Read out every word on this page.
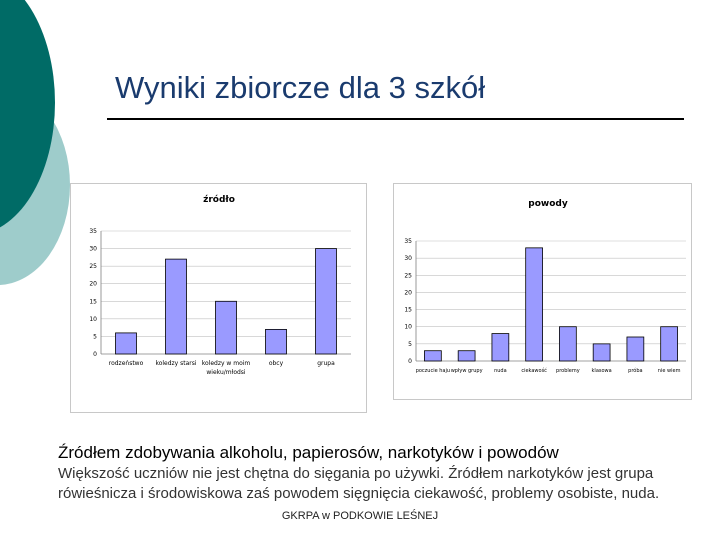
Wyniki zbiorcze dla 3 szkół
źródło
0
5
10
15
20
25
30
35
rodzeństwo koledzy starsi koledzy w moim
wieku/młodsi
obcy	grupa
powody
0
5
10
15
20
25
30
35
poczucie haju wpływ grupy nuda	ciekawość problemy klasowa	próba	nie wiem
Źródłem zdobywania alkoholu, papierosów, narkotyków i powodów
Większość uczniów nie jest chętna do sięgania po używki. Źródłem narkotyków jest grupa rówieśnicza i środowiskowa zaś powodem sięgnięcia ciekawość, problemy osobiste, nuda.
GKRPA w PODKOWIE LEŚNEJ
